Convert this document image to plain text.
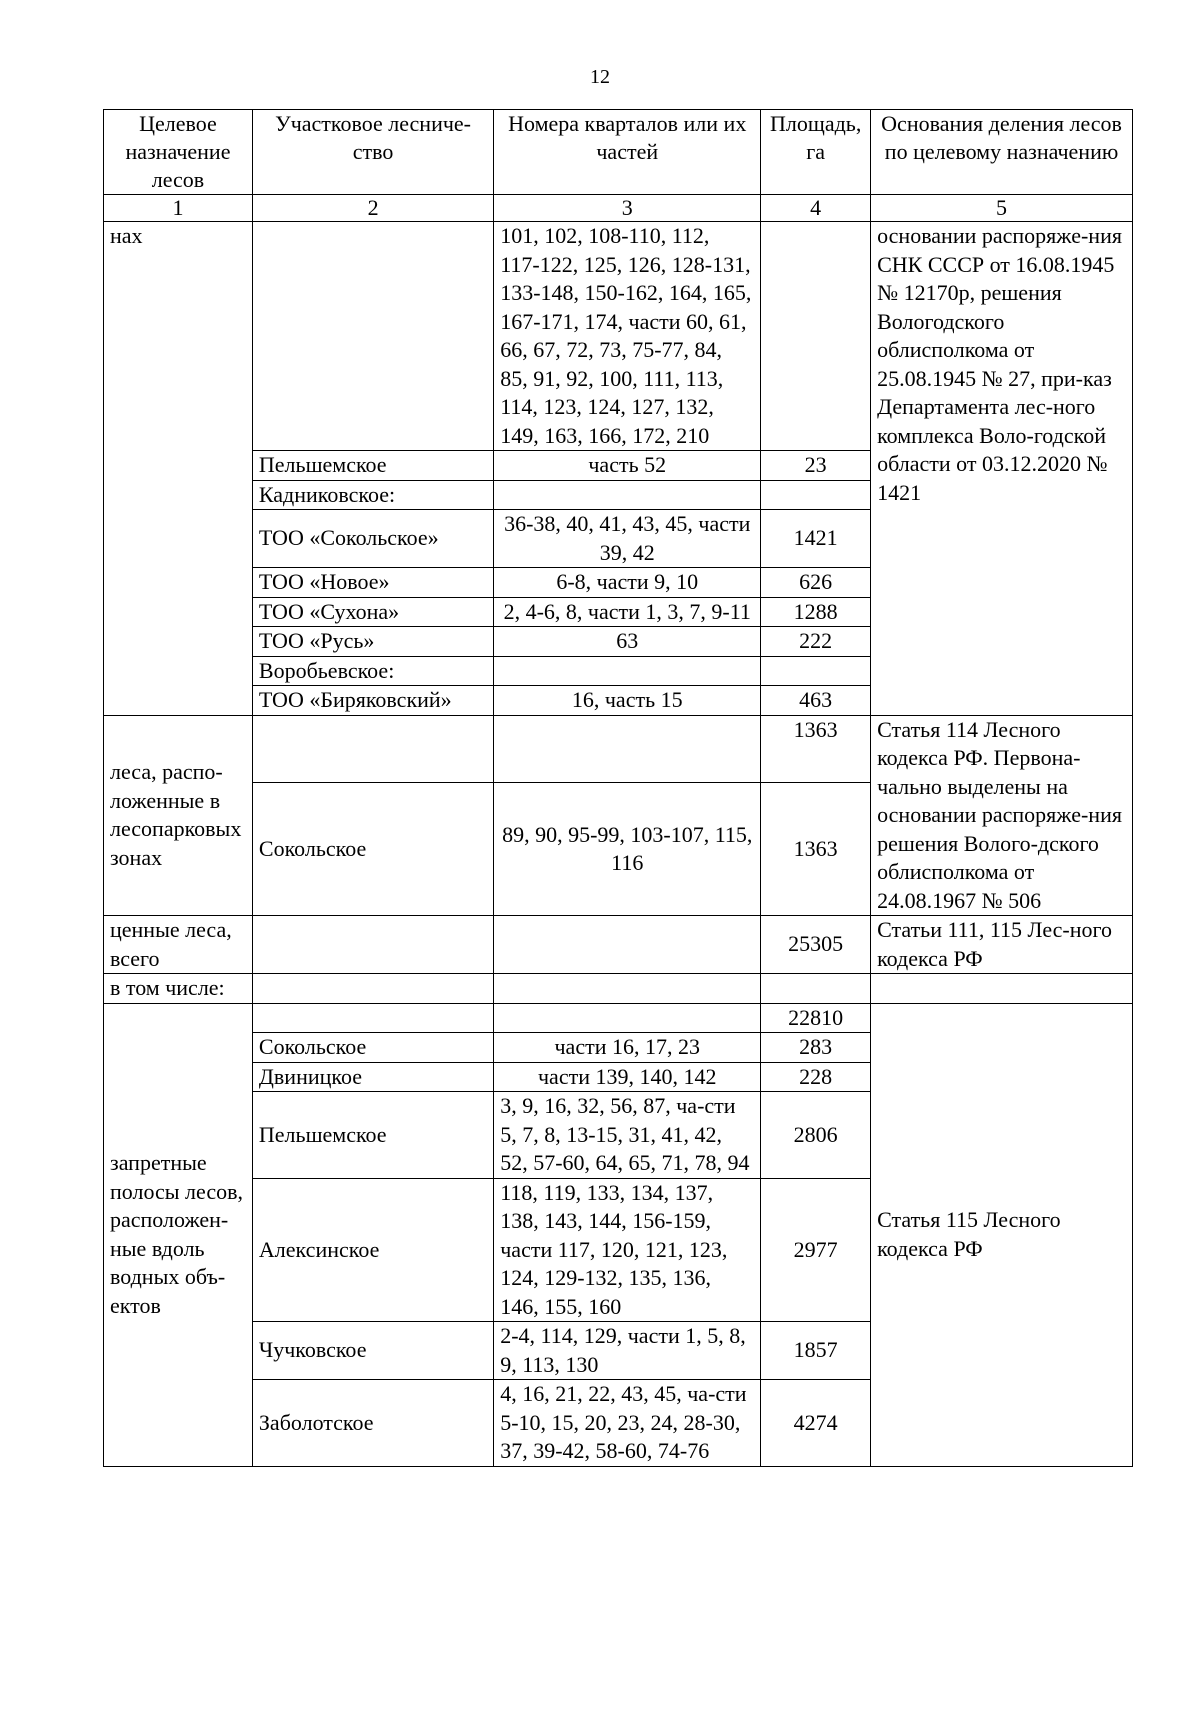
12
Целевое назначение лесов	Участковое лесниче-ство	Номера кварталов или их частей	Площадь, га	Основания деления лесов по целевому назначению
1	2	3	4	5
нах		101, 102, 108-110, 112, 117-122, 125, 126, 128-131, 133-148, 150-162, 164, 165, 167-171, 174, части 60, 61, 66, 67, 72, 73, 75-77, 84, 85, 91, 92, 100, 111, 113, 114, 123, 124, 127, 132, 149, 163, 166, 172, 210		основании распоряже-ния СНК СССР от 16.08.1945 № 12170р, решения Вологодского облисполкома от 25.08.1945 № 27, при-каз Департамента лес-ного комплекса Воло-годской области от 03.12.2020 № 1421
	Пельшемское	часть 52	23	
	Кадниковское:			
	ТОО «Сокольское»	36-38, 40, 41, 43, 45, части 39, 42	1421	
	ТОО «Новое»	6-8, части 9, 10	626	
	ТОО «Сухона»	2, 4-6, 8, части 1, 3, 7, 9-11	1288	
	ТОО «Русь»	63	222	
	Воробьевское:			
	ТОО «Биряковский»	16, часть 15	463	
леса, распо-ложенные в лесопарковых зонах			1363	Статья 114 Лесного кодекса РФ. Первона-чально выделены на основании распоряже-ния решения Волого-дского облисполкома от 24.08.1967 № 506
	Сокольское	89, 90, 95-99, 103-107, 115, 116	1363	
ценные леса, всего			25305	Статьи 111, 115 Лес-ного кодекса РФ
в том числе:				
запретные полосы лесов, расположен-ные вдоль водных объ-ектов			22810	Статья 115 Лесного кодекса РФ
	Сокольское	части 16, 17, 23	283	
	Двиницкое	части 139, 140, 142	228	
	Пельшемское	3, 9, 16, 32, 56, 87, ча-сти 5, 7, 8, 13-15, 31, 41, 42, 52, 57-60, 64, 65, 71, 78, 94	2806	
	Алексинское	118, 119, 133, 134, 137, 138, 143, 144, 156-159, части 117, 120, 121, 123, 124, 129-132, 135, 136, 146, 155, 160	2977	
	Чучковское	2-4, 114, 129, части 1, 5, 8, 9, 113, 130	1857	
	Заболотское	4, 16, 21, 22, 43, 45, ча-сти 5-10, 15, 20, 23, 24, 28-30, 37, 39-42, 58-60, 74-76	4274	
